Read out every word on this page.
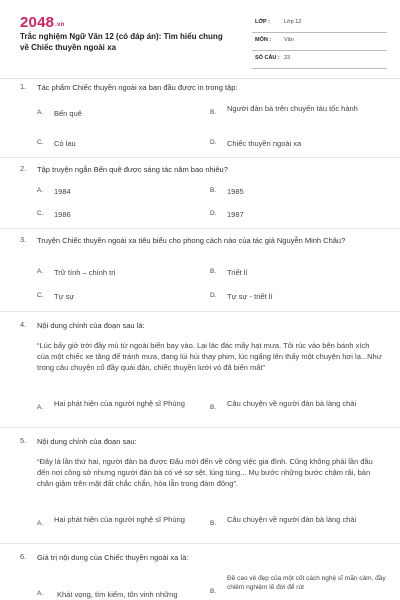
2048.vn
Trắc nghiệm Ngữ Văn 12 (có đáp án): Tìm hiểu chung về Chiếc thuyền ngoài xa
LỚP :	Lớp 12
MÔN : Văn
SỐ CÂU : 23
1. Tác phẩm Chiếc thuyền ngoài xa ban đầu được in trong tập:
A. Bến quê	B. Người đàn bà trên chuyến tàu tốc hành
C. Cỏ lau	D. Chiếc thuyền ngoài xa
2. Tập truyện ngắn Bến quê được sáng tác năm bao nhiêu?
A. 1984	B. 1985
C. 1986	D. 1987
3. Truyện Chiếc thuyền ngoài xa tiêu biểu cho phong cách nào của tác giả Nguyễn Minh Châu?
A. Trữ tình – chính trị	B. Triết lí
C. Tự sự	D. Tự sự - triết lí
4. Nội dung chính của đoạn sau là:
“Lúc bấy giờ trời đầy mù từ ngoài biển bay vào. Lại lác đác mấy hạt mưa. Tôi rúc vào bên bánh xích của một chiếc xe tăng để tránh mưa, đang lúi húi thay phim, lúc ngẩng lên thấy một chuyện hơi lạ...Như trong câu chuyện cổ đầy quái đản, chiếc thuyền lưới vó đã biến mất”
A. Hai phát hiện của người nghệ sĩ Phùng	B. Câu chuyện về người đàn bà làng chài
5. Nội dung chính của đoạn sau:
“Đây là lần thứ hai, người đàn bà được Đẩu mời đến về công việc gia đình. Cũng không phải lần đầu đến nơi công sở nhưng người đàn bà có vẻ sợ sệt, lúng túng... Mụ bước những bước chậm rãi, bàn chân giậm trên mặt đất chắc chắn, hòa lẫn trong đám đông”.
A. Hai phát hiện của người nghệ sĩ Phùng	B. Câu chuyện về người đàn bà làng chài
6. Giá trị nội dung của Chiếc thuyền ngoài xa là:
A. Khát vọng, tìm kiếm, tôn vinh những	B.
Đề cao vẻ đẹp của một cốt cách nghệ sĩ mãn cảm, đầy chiêm nghiệm lẽ đời để rút
